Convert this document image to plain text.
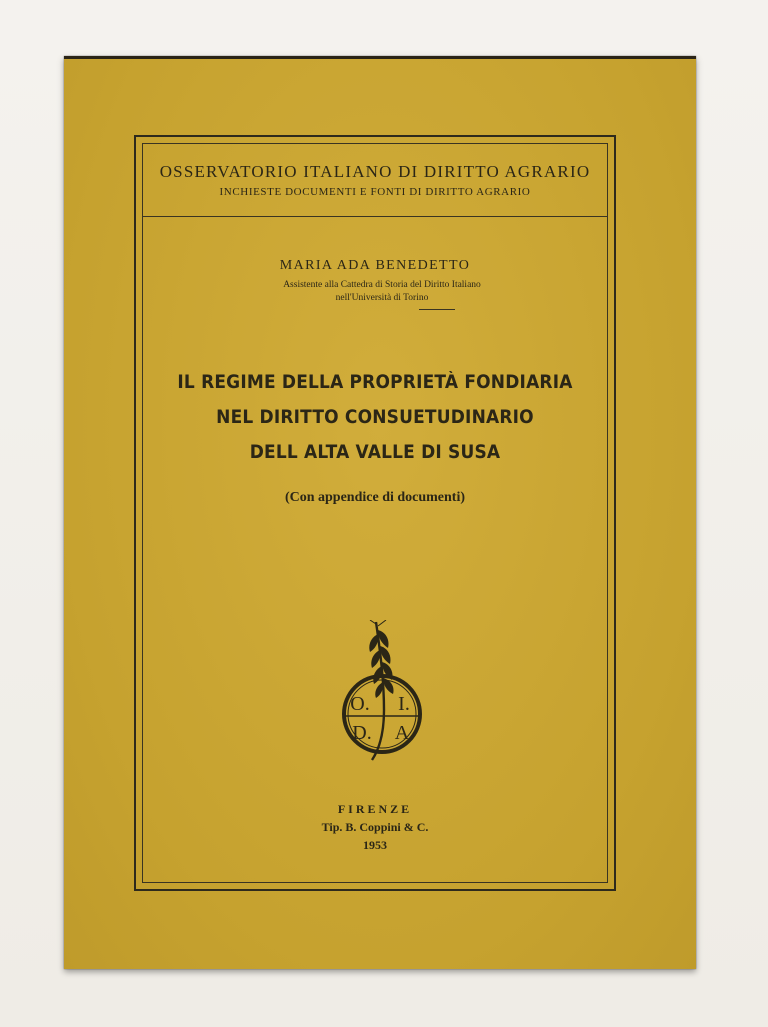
OSSERVATORIO ITALIANO DI DIRITTO AGRARIO
INCHIESTE DOCUMENTI E FONTI DI DIRITTO AGRARIO
MARIA ADA BENEDETTO
Assistente alla Cattedra di Storia del Diritto Italiano
nell'Università di Torino
IL REGIME DELLA PROPRIETÀ FONDIARIA
NEL DIRITTO CONSUETUDINARIO
DELL ALTA VALLE DI SUSA
(Con appendice di documenti)
O. I.
D. A
FIRENZE
Tip. B. Coppini & C.
1953
